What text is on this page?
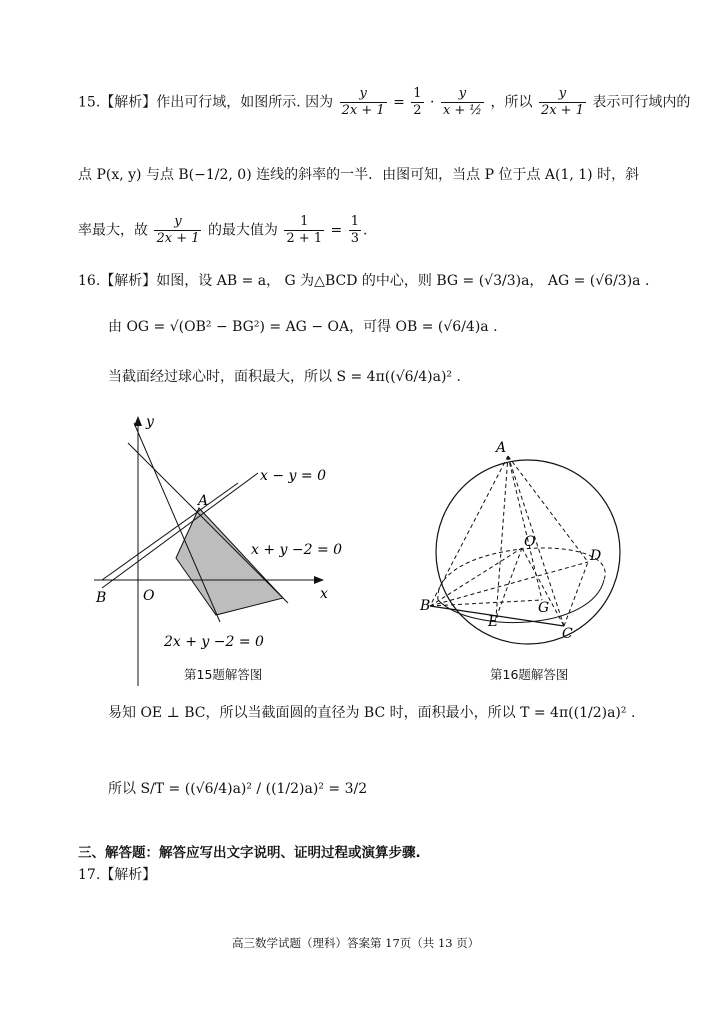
15.【解析】作出可行域，如图所示. 因为 $\frac{y}{2x + 1} = \frac{1}{2} \cdot \frac{y}{\text{x + ½}}$ ，所以 $\frac{y}{2x + 1}$ 表示可行域内的
点 P(x, y) 与点 B(−1/2, 0) 连线的斜率的一半．由图可知，当点 P 位于点 A(1, 1) 时，斜
率最大，故 $\frac{y}{2x + 1}$ 的最大值为 $\frac{1}{2 + 1} = \frac{1}{3}$ .
16.【解析】如图，设 AB = a， G 为△BCD 的中心，则 BG = (√3/3)a， AG = (√6/3)a .
由 OG = √(OB² − BG²) = AG − OA，可得 OB = (√6/4)a .
当截面经过球心时，面积最大，所以 S = 4π((√6/4)a)² .
y
x
O
A
B
x − y = 0
x + y −2 = 0
2x + y −2 = 0
第15题解答图
A
B
C
D
E
G
O
第16题解答图
易知 OE ⊥ BC，所以当截面圆的直径为 BC 时，面积最小，所以 T = 4π((1/2)a)² .
所以 S/T = ((√6/4)a)² / ((1/2)a)² = 3/2
三、解答题：解答应写出文字说明、证明过程或演算步骤.
17.【解析】
高三数学试题（理科）答案第 17页（共 13 页）
